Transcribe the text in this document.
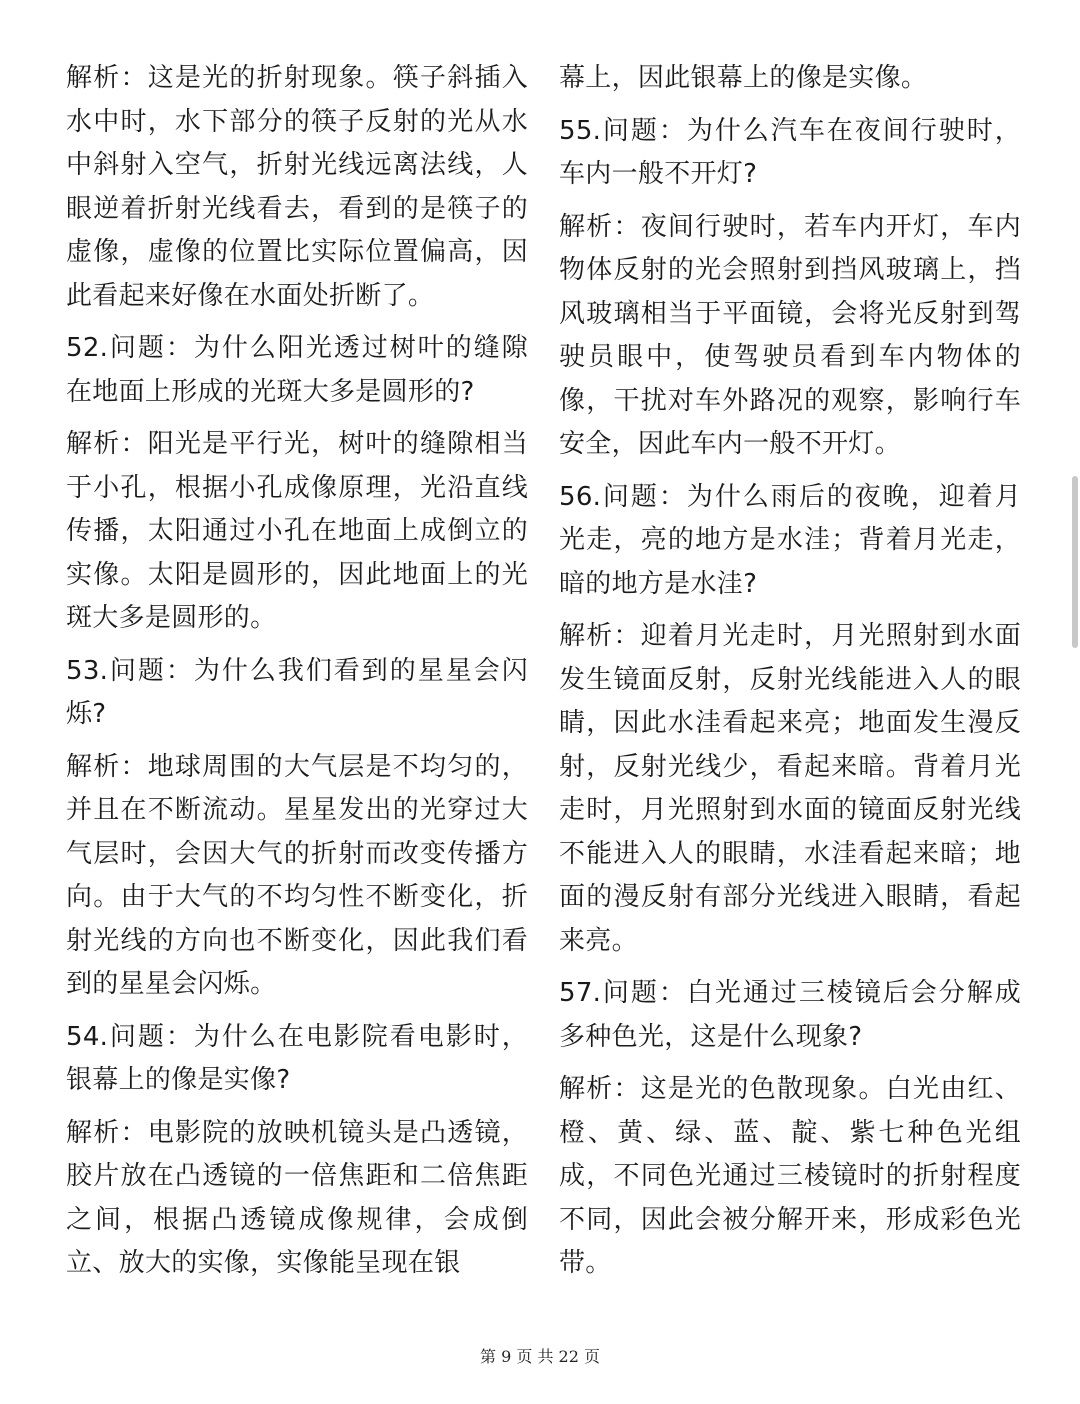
解析：这是光的折射现象。筷子斜插入水中时，水下部分的筷子反射的光从水中斜射入空气，折射光线远离法线，人眼逆着折射光线看去，看到的是筷子的虚像，虚像的位置比实际位置偏高，因此看起来好像在水面处折断了。

52.问题：为什么阳光透过树叶的缝隙在地面上形成的光斑大多是圆形的?

解析：阳光是平行光，树叶的缝隙相当于小孔，根据小孔成像原理，光沿直线传播，太阳通过小孔在地面上成倒立的实像。太阳是圆形的，因此地面上的光斑大多是圆形的。

53.问题：为什么我们看到的星星会闪烁?

解析：地球周围的大气层是不均匀的，并且在不断流动。星星发出的光穿过大气层时，会因大气的折射而改变传播方向。由于大气的不均匀性不断变化，折射光线的方向也不断变化，因此我们看到的星星会闪烁。

54.问题：为什么在电影院看电影时，银幕上的像是实像?

解析：电影院的放映机镜头是凸透镜，胶片放在凸透镜的一倍焦距和二倍焦距之间，根据凸透镜成像规律，会成倒立、放大的实像，实像能呈现在银

幕上，因此银幕上的像是实像。

55.问题：为什么汽车在夜间行驶时，车内一般不开灯?

解析：夜间行驶时，若车内开灯，车内物体反射的光会照射到挡风玻璃上，挡风玻璃相当于平面镜，会将光反射到驾驶员眼中，使驾驶员看到车内物体的像，干扰对车外路况的观察，影响行车安全，因此车内一般不开灯。

56.问题：为什么雨后的夜晚，迎着月光走，亮的地方是水洼；背着月光走，暗的地方是水洼?

解析：迎着月光走时，月光照射到水面发生镜面反射，反射光线能进入人的眼睛，因此水洼看起来亮；地面发生漫反射，反射光线少，看起来暗。背着月光走时，月光照射到水面的镜面反射光线不能进入人的眼睛，水洼看起来暗；地面的漫反射有部分光线进入眼睛，看起来亮。

57.问题：白光通过三棱镜后会分解成多种色光，这是什么现象?

解析：这是光的色散现象。白光由红、橙、黄、绿、蓝、靛、紫七种色光组成，不同色光通过三棱镜时的折射程度不同，因此会被分解开来，形成彩色光带。

第 9 页 共 22 页
